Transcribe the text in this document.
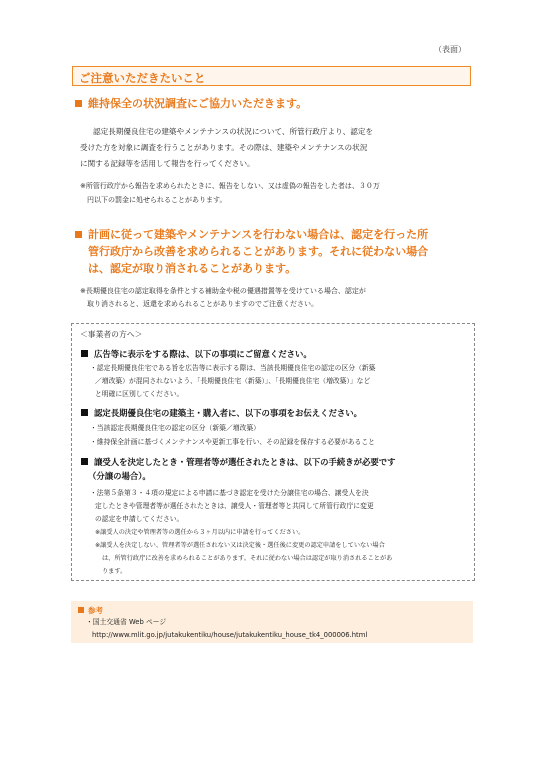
（表面）
ご注意いただきたいこと
維持保全の状況調査にご協力いただきます。
認定長期優良住宅の建築やメンテナンスの状況について、所管行政庁より、認定を
受けた方を対象に調査を行うことがあります。その際は、建築やメンテナンスの状況
に関する記録等を活用して報告を行ってください。
※所管行政庁から報告を求められたときに、報告をしない、又は虚偽の報告をした者は、３０万
円以下の罰金に処せられることがあります。
計画に従って建築やメンテナンスを行わない場合は、認定を行った所
管行政庁から改善を求められることがあります。それに従わない場合
は、認定が取り消されることがあります。
※長期優良住宅の認定取得を条件とする補助金や税の優遇措置等を受けている場合、認定が
取り消されると、返還を求められることがありますのでご注意ください。
＜事業者の方へ＞
広告等に表示をする際は、以下の事項にご留意ください。
・認定長期優良住宅である旨を広告等に表示する際は、当該長期優良住宅の認定の区分（新築
／増改築）が混同されないよう、「長期優良住宅（新築）」、「長期優良住宅（増改築）」など
と明確に区別してください。
認定長期優良住宅の建築主・購入者に、以下の事項をお伝えください。
・当該認定長期優良住宅の認定の区分（新築／増改築）
・維持保全計画に基づくメンテナンスや更新工事を行い、その記録を保存する必要があること
譲受人を決定したとき・管理者等が選任されたときは、以下の手続きが必要です
（分譲の場合）。
・法第５条第３・４項の規定による申請に基づき認定を受けた分譲住宅の場合、譲受人を決
定したときや管理者等が選任されたときは、譲受人・管理者等と共同して所管行政庁に変更
の認定を申請してください。
※譲受人の決定や管理者等の選任から３ヶ月以内に申請を行ってください。
※譲受人を決定しない、管理者等が選任されない又は決定後・選任後に変更の認定申請をしていない場合
は、所管行政庁に改善を求められることがあります。それに従わない場合は認定が取り消されることがあ
ります。
参考
・国土交通省 Web ページ
http://www.mlit.go.jp/jutakukentiku/house/jutakukentiku_house_tk4_000006.html
